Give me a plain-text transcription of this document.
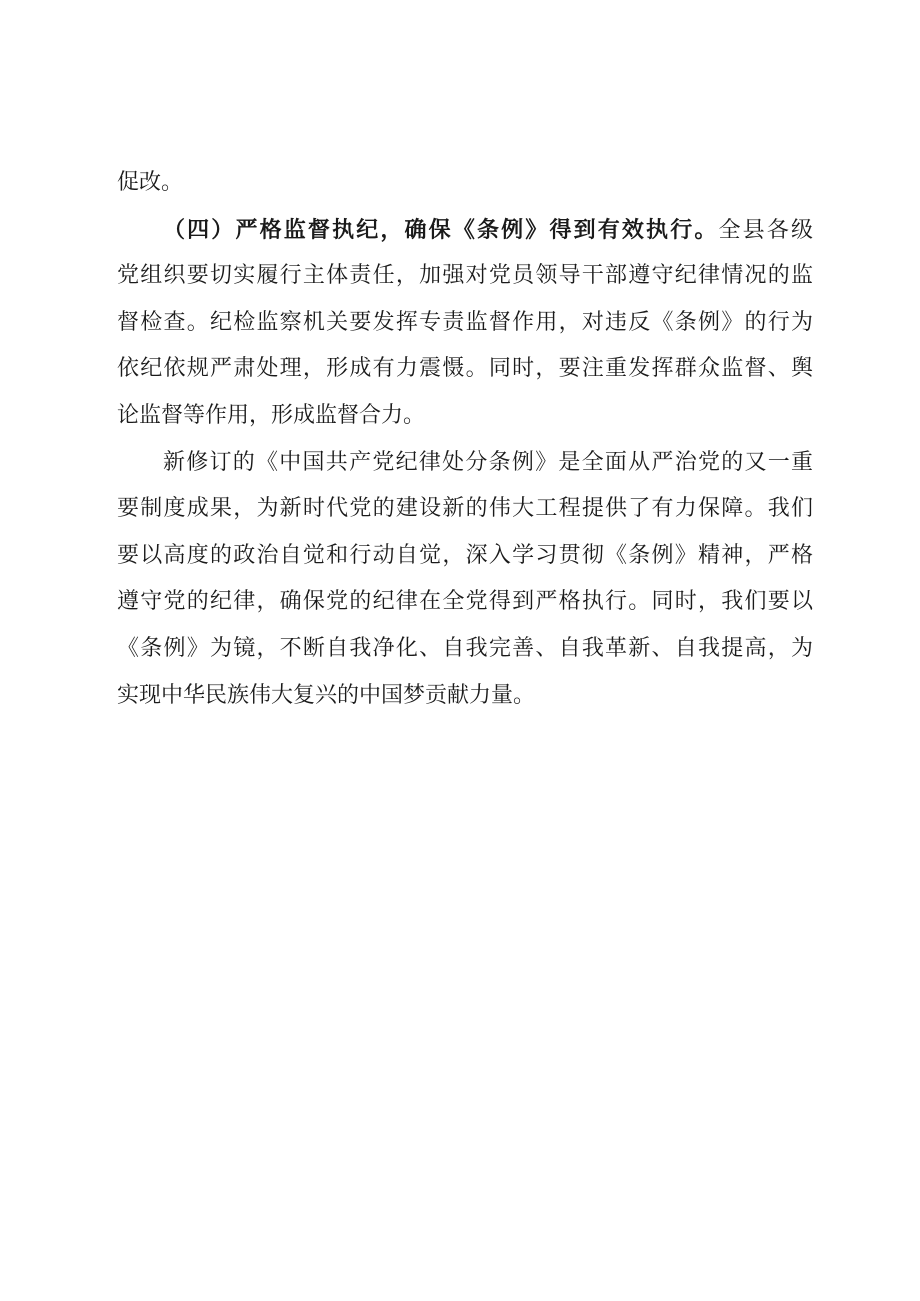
促改。
（四）严格监督执纪，确保《条例》得到有效执行。全县各级
党组织要切实履行主体责任，加强对党员领导干部遵守纪律情况的监
督检查。纪检监察机关要发挥专责监督作用，对违反《条例》的行为
依纪依规严肃处理，形成有力震慑。同时，要注重发挥群众监督、舆
论监督等作用，形成监督合力。
新修订的《中国共产党纪律处分条例》是全面从严治党的又一重
要制度成果，为新时代党的建设新的伟大工程提供了有力保障。我们
要以高度的政治自觉和行动自觉，深入学习贯彻《条例》精神，严格
遵守党的纪律，确保党的纪律在全党得到严格执行。同时，我们要以
《条例》为镜，不断自我净化、自我完善、自我革新、自我提高，为
实现中华民族伟大复兴的中国梦贡献力量。
